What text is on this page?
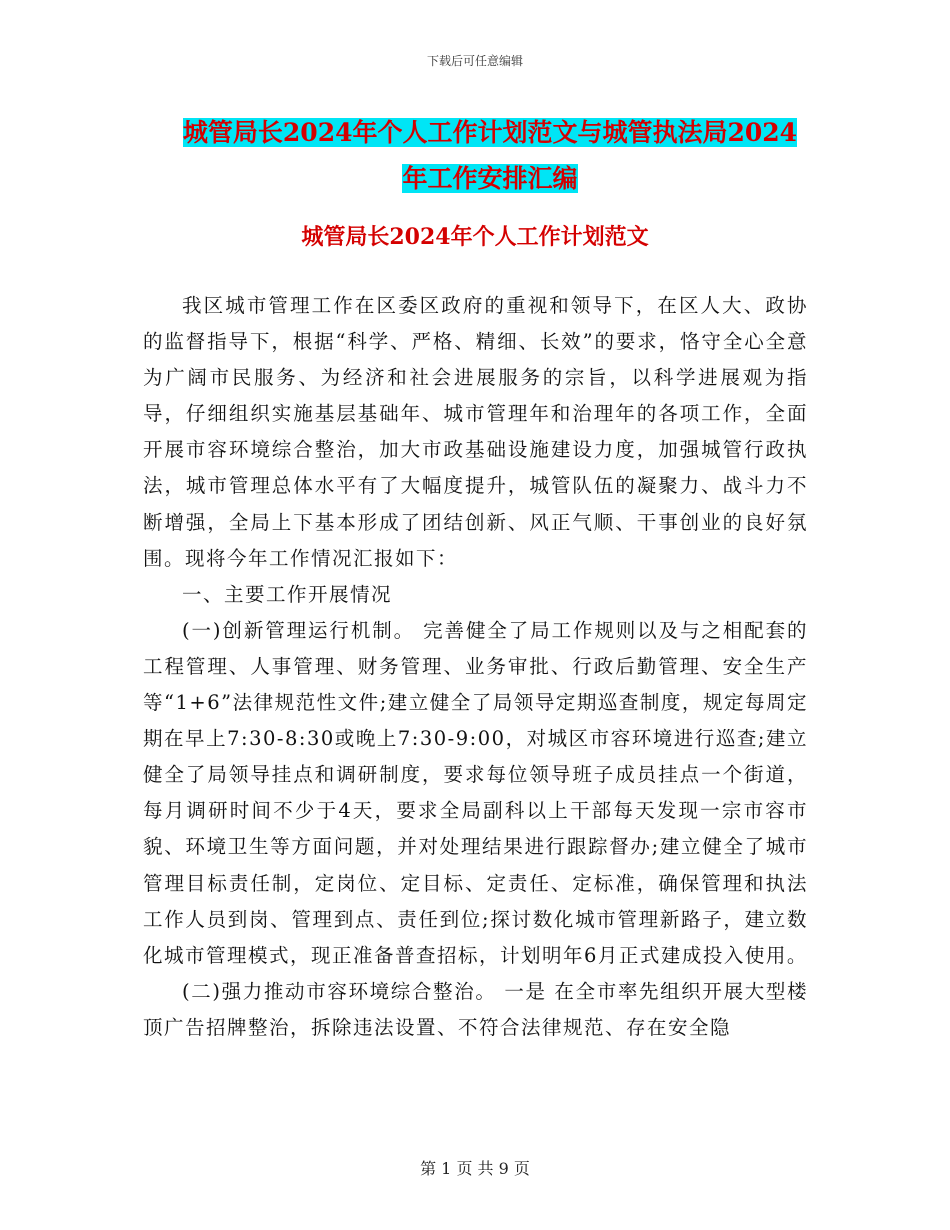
下载后可任意编辑
城管局长2024年个人工作计划范文与城管执法局2024
年工作安排汇编
城管局长2024年个人工作计划范文

我区城市管理工作在区委区政府的重视和领导下，在区人大、政协的监督指导下，根据“科学、严格、精细、长效”的要求，恪守全心全意为广阔市民服务、为经济和社会进展服务的宗旨，以科学进展观为指导，仔细组织实施基层基础年、城市管理年和治理年的各项工作，全面开展市容环境综合整治，加大市政基础设施建设力度，加强城管行政执法，城市管理总体水平有了大幅度提升，城管队伍的凝聚力、战斗力不断增强，全局上下基本形成了团结创新、风正气顺、干事创业的良好氛围。现将今年工作情况汇报如下：

一、主要工作开展情况

(一)创新管理运行机制。 完善健全了局工作规则以及与之相配套的工程管理、人事管理、财务管理、业务审批、行政后勤管理、安全生产等“1+6”法律规范性文件;建立健全了局领导定期巡查制度，规定每周定期在早上7:30-8:30或晚上7:30-9:00，对城区市容环境进行巡查;建立健全了局领导挂点和调研制度，要求每位领导班子成员挂点一个街道，每月调研时间不少于4天，要求全局副科以上干部每天发现一宗市容市貌、环境卫生等方面问题，并对处理结果进行跟踪督办;建立健全了城市管理目标责任制，定岗位、定目标、定责任、定标准，确保管理和执法工作人员到岗、管理到点、责任到位;探讨数化城市管理新路子，建立数化城市管理模式，现正准备普查招标，计划明年6月正式建成投入使用。

(二)强力推动市容环境综合整治。 一是 在全市率先组织开展大型楼顶广告招牌整治，拆除违法设置、不符合法律规范、存在安全隐

第 1 页 共 9 页
